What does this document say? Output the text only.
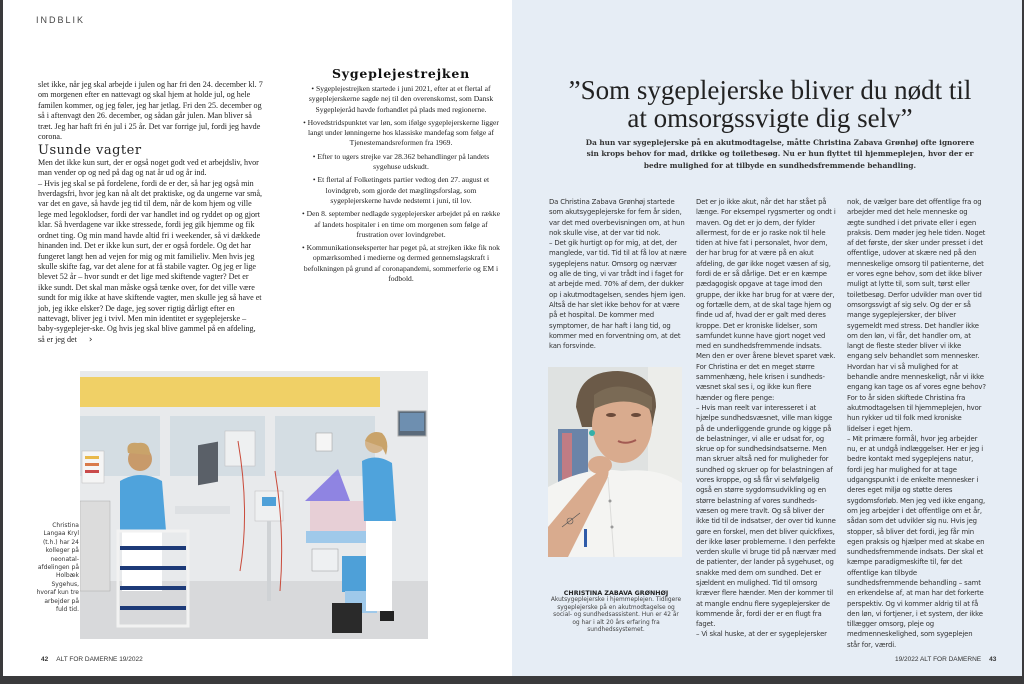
INDBLIK

slet ikke, når jeg skal arbejde i julen og har fri den 24. december kl. 7 om morgenen efter en nattevagt og skal hjem at holde jul, og hele familen kommer, og jeg føler, jeg har jetlag. Fri den 25. december og så i aftenvagt den 26. december, og sådan går julen. Man bliver så træt. Jeg har haft fri én jul i 25 år. Det var forrige jul, fordi jeg havde corona.

Usunde vagter

Men det ikke kun surt, der er også noget godt ved et arbejdsliv, hvor man vender op og ned på dag og nat år ud og år ind.

– Hvis jeg skal se på fordelene, fordi de er der, så har jeg også min hverdagsfri, hvor jeg kan nå alt det praktiske, og da ungerne var små, var det en gave, så havde jeg tid til dem, når de kom hjem og ville lege med legoklodser, fordi der var handlet ind og ryddet op og gjort klar. Så hverdagene var ikke stressede, fordi jeg gik hjemme og fik ordnet ting. Og min mand havde altid fri i weekender, så vi dækkede hinanden ind. Det er ikke kun surt, der er også fordele. Og det har fungeret langt hen ad vejen for mig og mit familieliv. Men hvis jeg skulle skifte fag, var det alene for at få stabile vagter. Og jeg er lige blevet 52 år – hvor sundt er det lige med skiftende vagter? Det er ikke sundt. Det skal man måske også tænke over, for det ville være sundt for mig ikke at have skiftende vagter, men skulle jeg så have et job, jeg ikke elsker? De dage, jeg sover rigtig dårligt efter en nattevagt, bliver jeg i tvivl. Men min identitet er sygeplejerske – baby-sygeplejer-ske. Og hvis jeg skal blive gammel på en afdeling, så er jeg det ›

Sygeplejestrejken

• Sygeplejestrejken startede i juni 2021, efter at et flertal af sygeplejerskerne sagde nej til den overenskomst, som Dansk Sygeplejeråd havde forhandlet på plads med regionerne.

• Hovedstridspunktet var løn, som ifølge sygeplejerskerne ligger langt under lønningerne hos klassiske mandefag som følge af Tjenestemandsreformen fra 1969.

• Efter to ugers strejke var 28.362 behandlinger på landets sygehuse udskudt.

• Et flertal af Folketingets partier vedtog den 27. august et lovindgreb, som gjorde det mæglingsforslag, som sygeplejerskerne havde nedstemt i juni, til lov.

• Den 8. september nedlagde sygeplejersker arbejdet på en række af landets hospitaler i en time om morgenen som følge af frustration over lovindgrebet.

• Kommunikationseksperter har peget på, at strejken ikke fik nok opmærksomhed i medierne og dermed gennemslagskraft i befolkningen på grund af coronapandemi, sommerferie og EM i fodbold.

Christina Langaa Kryl (t.h.) har 24 kolleger på neonatal-afdelingen på Holbæk Sygehus, hvoraf kun tre arbejder på fuld tid.
42 ALT FOR DAMERNE 19/2022
”Som sygeplejerske bliver du nødt til at omsorgssvigte dig selv”
Da hun var sygeplejerske på en akutmodtagelse, måtte Christina Zabava Grønhøj ofte ignorere sin krops behov for mad, drikke og toiletbesøg. Nu er hun flyttet til hjemmeplejen, hvor der er bedre mulighed for at tilbyde en sundhedsfremmende behandling.

Da Christina Zabava Grønhøj startede som akutsygeplejerske for fem år siden, var det med overbevisningen om, at hun nok skulle vise, at der var tid nok.

– Det gik hurtigt op for mig, at det, der manglede, var tid. Tid til at få lov at nære sygeplejens natur. Omsorg og nærvær og alle de ting, vi var trådt ind i faget for at arbejde med. 70% af dem, der dukker op i akutmodtagelsen, sendes hjem igen. Altså de har slet ikke behov for at være på et hospital. De kommer med symptomer, de har haft i lang tid, og kommer med en forventning om, at det kan forsvinde.

CHRISTINA ZABAVA GRØNHØJ
Akutsygeplejerske i hjemmeplejen. Tidligere sygeplejerske på en akutmodtagelse og social- og sundhedsassistent. Hun er 42 år og har i alt 20 års erfaring fra sundhedssystemet.

Det er jo ikke akut, når det har stået på længe. For eksempel rygsmerter og ondt i maven. Og det er jo dem, der fylder allermest, for de er jo raske nok til hele tiden at hive fat i personalet, hvor dem, der har brug for at være på en akut afdeling, de gør ikke noget væsen af sig, fordi de er så dårlige. Det er en kæmpe pædagogisk opgave at tage imod den gruppe, der ikke har brug for at være der, og fortælle dem, at de skal tage hjem og finde ud af, hvad der er galt med deres kroppe. Det er kroniske lidelser, som samfundet kunne have gjort noget ved med en sundhedsfremmende indsats. Men den er over årene blevet sparet væk. For Christina er det en meget større sammenhæng, hele krisen i sundheds-væsnet skal ses i, og ikke kun flere hænder og flere penge:

– Hvis man reelt var interesseret i at hjælpe sundhedsvæsnet, ville man kigge på de underliggende grunde og kigge på de belastninger, vi alle er udsat for, og skrue op for sundhedsindsatserne. Men man skruer altså ned for muligheder for sundhed og skruer op for belastningen af vores kroppe, og så får vi selvfølgelig også en større sygdomsudvikling og en større belastning af vores sundheds-væsen og mere travlt. Og så bliver der ikke tid til de indsatser, der over tid kunne gøre en forskel, men det bliver quickfixes, der ikke løser problemerne. I den perfekte verden skulle vi bruge tid på nærvær med de patienter, der lander på sygehuset, og snakke med dem om sundhed. Det er sjældent en mulighed. Tid til omsorg kræver flere hænder. Men der kommer til at mangle endnu flere sygeplejersker de kommende år, fordi der er en flugt fra faget.

– Vi skal huske, at der er sygeplejersker

nok, de vælger bare det offentlige fra og arbejder med det hele menneske og ægte sundhed i det private eller i egen praksis. Dem møder jeg hele tiden. Noget af det første, der sker under presset i det offentlige, udover at skære ned på den menneskelige omsorg til patienterne, det er vores egne behov, som det ikke bliver muligt at lytte til, som sult, tørst eller toiletbesøg. Derfor udvikler man over tid omsorgssvigt af sig selv. Og der er så mange sygeplejersker, der bliver sygemeldt med stress. Det handler ikke om den løn, vi får, det handler om, at langt de fleste steder bliver vi ikke engang selv behandlet som mennesker. Hvordan har vi så mulighed for at behandle andre menneskeligt, når vi ikke engang kan tage os af vores egne behov?

For to år siden skiftede Christina fra akutmodtagelsen til hjemmeplejen, hvor hun rykker ud til folk med kroniske lidelser i eget hjem.

– Mit primære formål, hvor jeg arbejder nu, er at undgå indlæggelser. Her er jeg i bedre kontakt med sygeplejens natur, fordi jeg har mulighed for at tage udgangspunkt i de enkelte mennesker i deres eget miljø og støtte deres sygdomsforløb. Men jeg ved ikke engang, om jeg arbejder i det offentlige om et år, sådan som det udvikler sig nu. Hvis jeg stopper, så bliver det fordi, jeg får min egen praksis og hjælper med at skabe en sundhedsfremmende indsats. Der skal et kæmpe paradigmeskifte til, før det offentlige kan tilbyde sundhedsfremmende behandling – samt en erkendelse af, at man har det forkerte perspektiv. Og vi kommer aldrig til at få den løn, vi fortjener, i et system, der ikke tillægger omsorg, pleje og medmenneskelighed, som sygeplejen står for, værdi.

19/2022 ALT FOR DAMERNE 43
